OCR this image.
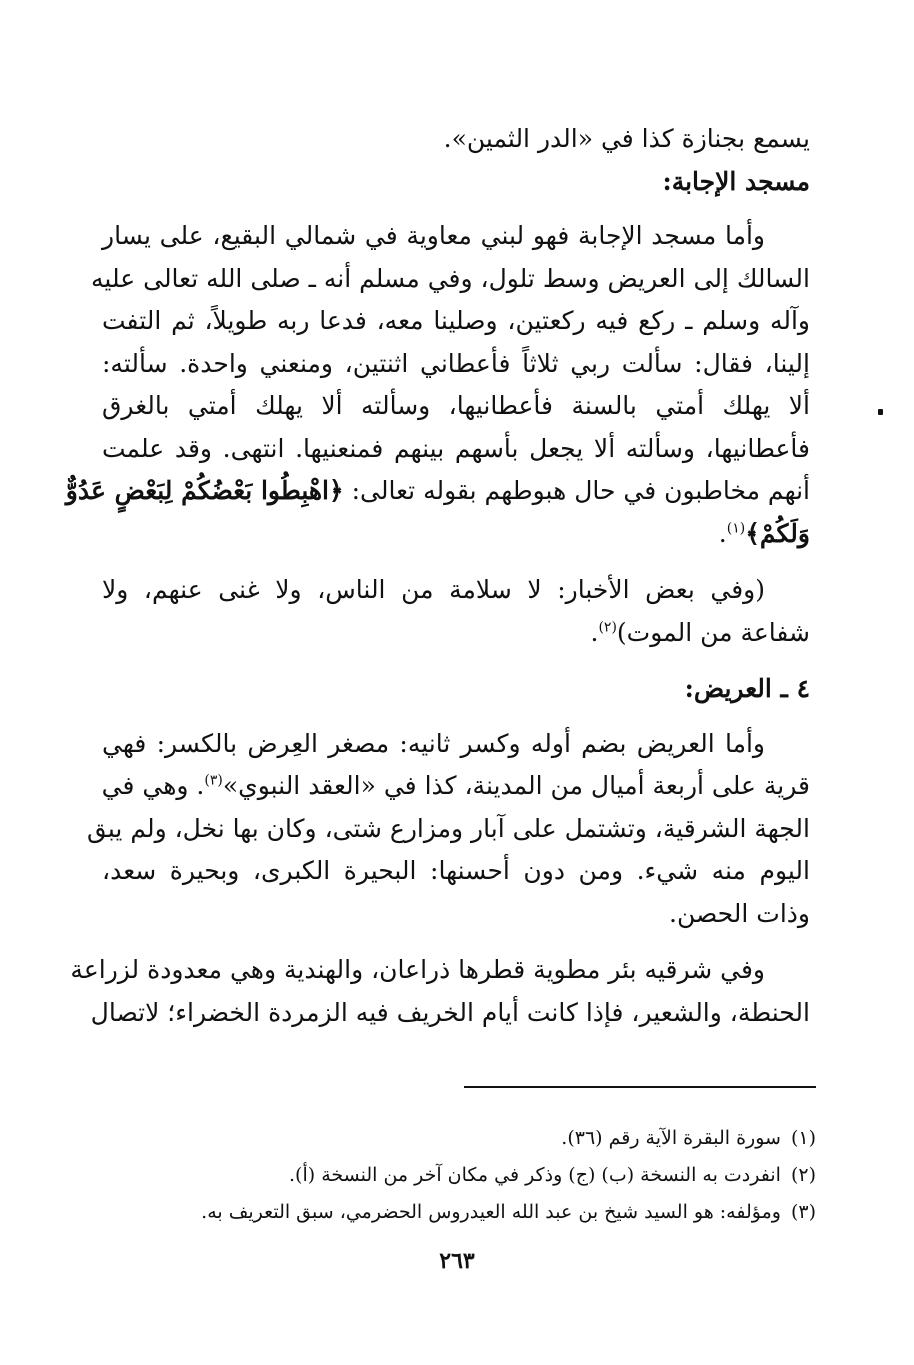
يسمع بجنازة كذا في «الدر الثمين».
مسجد الإجابة:
وأما مسجد الإجابة فهو لبني معاوية في شمالي البقيع، على يسار
السالك إلى العريض وسط تلول، وفي مسلم أنه ـ صلى الله تعالى عليه
وآله وسلم ـ ركع فيه ركعتين، وصلينا معه، فدعا ربه طويلاً، ثم التفت
إلينا، فقال: سألت ربي ثلاثاً فأعطاني اثنتين، ومنعني واحدة. سألته:
ألا يهلك أمتي بالسنة فأعطانيها، وسألته ألا يهلك أمتي بالغرق
فأعطانيها، وسألته ألا يجعل بأسهم بينهم فمنعنيها. انتهى. وقد علمت
أنهم مخاطبون في حال هبوطهم بقوله تعالى: ﴿اهْبِطُوا بَعْضُكُمْ لِبَعْضٍ عَدُوٌّ
وَلَكُمْ﴾$^{(١)}$.
(وفي بعض الأخبار: لا سلامة من الناس، ولا غنى عنهم، ولا
شفاعة من الموت)$^{(٢)}$.
٤ ـ العريض:
وأما العريض بضم أوله وكسر ثانيه: مصغر العِرض بالكسر: فهي
قرية على أربعة أميال من المدينة، كذا في «العقد النبوي»$^{(٣)}$. وهي في
الجهة الشرقية، وتشتمل على آبار ومزارع شتى، وكان بها نخل، ولم يبق
اليوم منه شيء. ومن دون أحسنها: البحيرة الكبرى، وبحيرة سعد،
وذات الحصن.
وفي شرقيه بئر مطوية قطرها ذراعان، والهندية وهي معدودة لزراعة
الحنطة، والشعير، فإذا كانت أيام الخريف فيه الزمردة الخضراء؛ لاتصال
(١)سورة البقرة الآية رقم (٣٦).
(٢)انفردت به النسخة (ب) (ج) وذكر في مكان آخر من النسخة (أ).
(٣)ومؤلفه: هو السيد شيخ بن عبد الله العيدروس الحضرمي، سبق التعريف به.
٢٦٣
